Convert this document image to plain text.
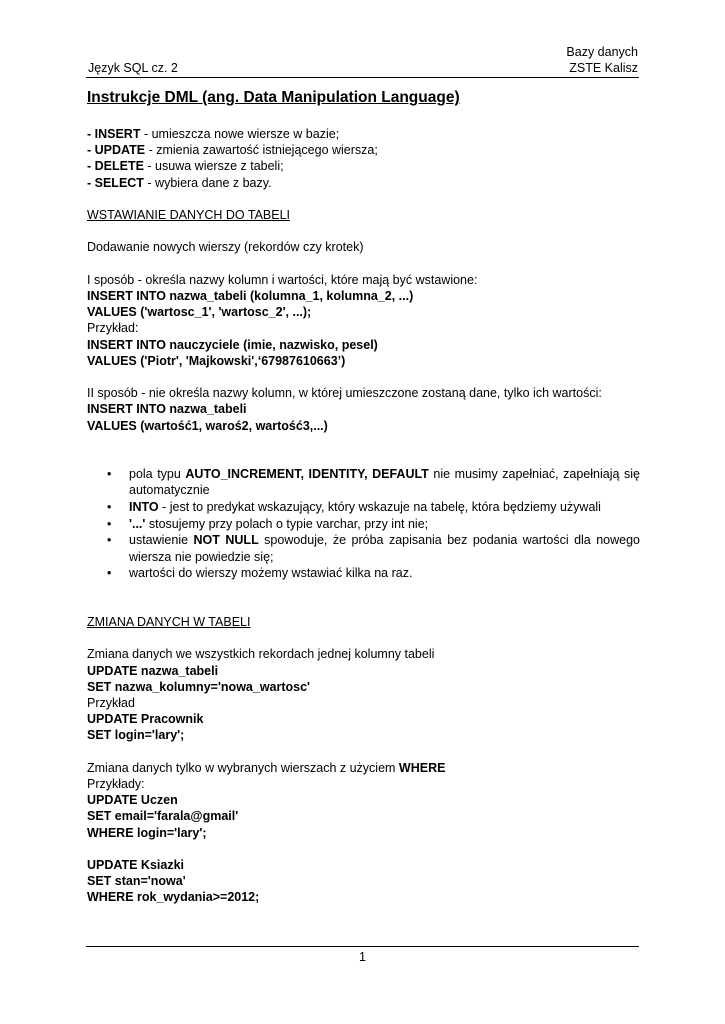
Bazy danych
Język SQL cz. 2	ZSTE Kalisz
Instrukcje DML (ang. Data Manipulation Language)
- INSERT - umieszcza nowe wiersze w bazie;
- UPDATE - zmienia zawartość istniejącego wiersza;
- DELETE - usuwa wiersze z tabeli;
- SELECT - wybiera dane z bazy.
WSTAWIANIE DANYCH DO TABELI
Dodawanie nowych wierszy (rekordów czy krotek)
I sposób - określa nazwy kolumn i wartości, które mają być wstawione:
INSERT INTO nazwa_tabeli (kolumna_1, kolumna_2, ...)
VALUES ('wartosc_1', 'wartosc_2', ...);
Przykład:
INSERT INTO nauczyciele (imie, nazwisko, pesel)
VALUES ('Piotr', 'Majkowski',‘67987610663’)
II sposób - nie określa nazwy kolumn, w której umieszczone zostaną dane, tylko ich wartości:
INSERT INTO nazwa_tabeli
VALUES (wartość1, waroś2, wartość3,...)
• pola typu AUTO_INCREMENT, IDENTITY, DEFAULT nie musimy zapełniać, zapełniają się automatycznie
• INTO - jest to predykat wskazujący, który wskazuje na tabelę, która będziemy używali
• '...' stosujemy przy polach o typie varchar, przy int nie;
• ustawienie NOT NULL spowoduje, że próba zapisania bez podania wartości dla nowego wiersza nie powiedzie się;
• wartości do wierszy możemy wstawiać kilka na raz.
ZMIANA DANYCH W TABELI
Zmiana danych we wszystkich rekordach jednej kolumny tabeli
UPDATE nazwa_tabeli
SET nazwa_kolumny='nowa_wartosc'
Przykład
UPDATE Pracownik
SET login='lary';
Zmiana danych tylko w wybranych wierszach z użyciem WHERE
Przykłady:
UPDATE Uczen
SET email='farala@gmail'
WHERE login='lary';
UPDATE Ksiazki
SET stan='nowa'
WHERE rok_wydania>=2012;
1
